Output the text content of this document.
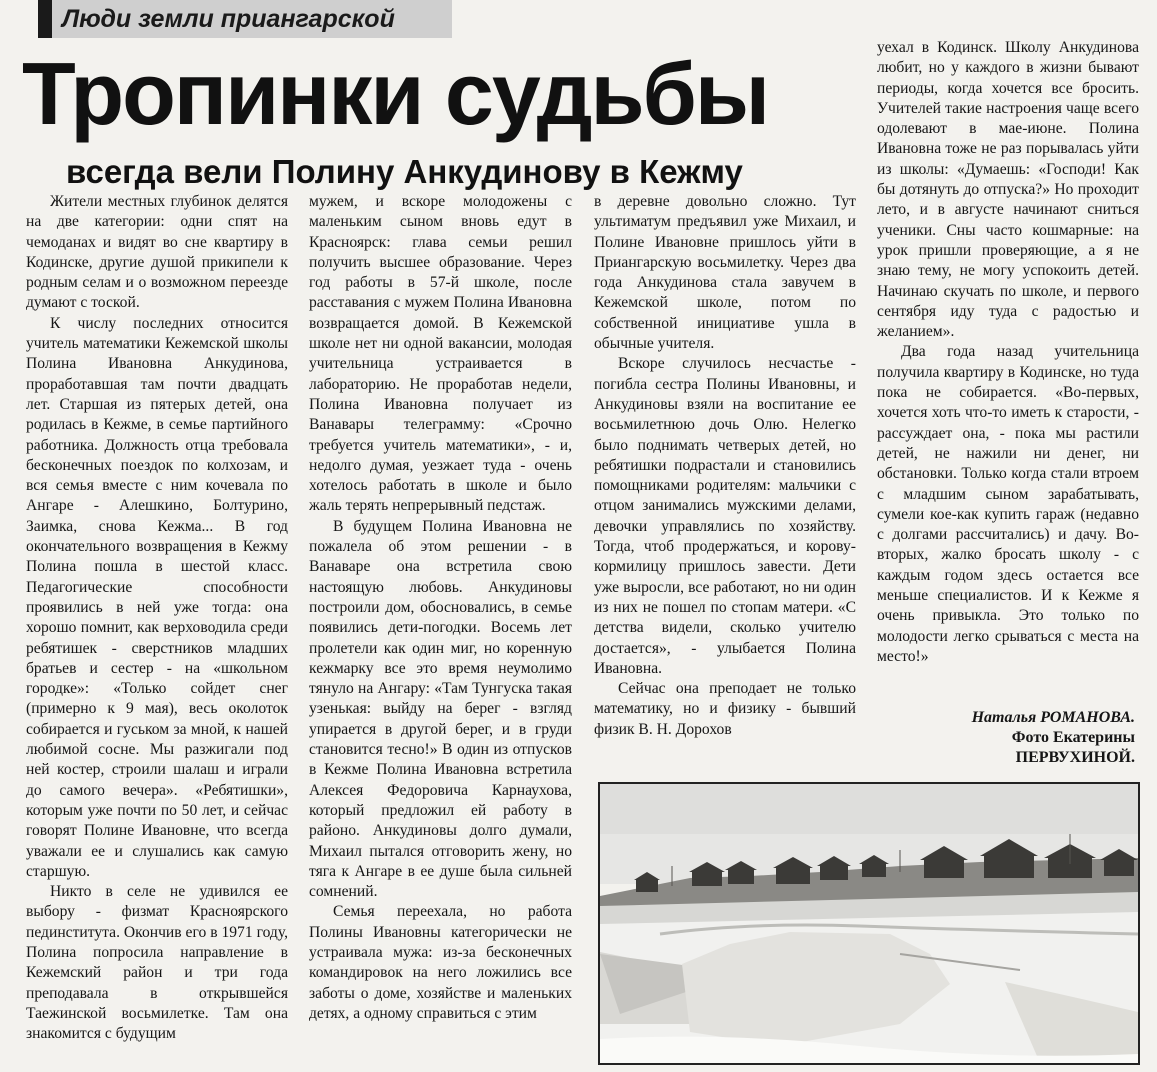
Люди земли приангарской
Тропинки судьбы
всегда вели Полину Анкудинову в Кежму

Жители местных глубинок делятся на две категории: одни спят на чемоданах и видят во сне квартиру в Кодинске, другие душой прикипели к родным селам и о возможном переезде думают с тоской.

К числу последних относится учитель математики Кежемской школы Полина Ивановна Анкудинова, проработавшая там почти двадцать лет. Старшая из пятерых детей, она родилась в Кежме, в семье партийного работника. Должность отца требовала бесконечных поездок по колхозам, и вся семья вместе с ним кочевала по Ангаре - Алешкино, Болтурино, Заимка, снова Кежма... В год окончательного возвращения в Кежму Полина пошла в шестой класс. Педагогические способности проявились в ней уже тогда: она хорошо помнит, как верховодила среди ребятишек - сверстников младших братьев и сестер - на «школьном городке»: «Только сойдет снег (примерно к 9 мая), весь околоток собирается и гуськом за мной, к нашей любимой сосне. Мы разжигали под ней костер, строили шалаш и играли до самого вечера». «Ребятишки», которым уже почти по 50 лет, и сейчас говорят Полине Ивановне, что всегда уважали ее и слушались как самую старшую.

Никто в селе не удивился ее выбору - физмат Красноярского пединститута. Окончив его в 1971 году, Полина попросила направление в Кежемский район и три года преподавала в открывшейся Таежинской восьмилетке. Там она знакомится с будущим

мужем, и вскоре молодожены с маленьким сыном вновь едут в Красноярск: глава семьи решил получить высшее образование. Через год работы в 57-й школе, после расставания с мужем Полина Ивановна возвращается домой. В Кежемской школе нет ни одной вакансии, молодая учительница устраивается в лабораторию. Не проработав недели, Полина Ивановна получает из Ванавары телеграмму: «Срочно требуется учитель математики», - и, недолго думая, уезжает туда - очень хотелось работать в школе и было жаль терять непрерывный педстаж.

В будущем Полина Ивановна не пожалела об этом решении - в Ванаваре она встретила свою настоящую любовь. Анкудиновы построили дом, обосновались, в семье появились дети-погодки. Восемь лет пролетели как один миг, но коренную кежмарку все это время неумолимо тянуло на Ангару: «Там Тунгуска такая узенькая: выйду на берег - взгляд упирается в другой берег, и в груди становится тесно!» В один из отпусков в Кежме Полина Ивановна встретила Алексея Федоровича Карнаухова, который предложил ей работу в районо. Анкудиновы долго думали, Михаил пытался отговорить жену, но тяга к Ангаре в ее душе была сильней сомнений.

Семья переехала, но работа Полины Ивановны категорически не устраивала мужа: из-за бесконечных командировок на него ложились все заботы о доме, хозяйстве и маленьких детях, а одному справиться с этим

в деревне довольно сложно. Тут ультиматум предъявил уже Михаил, и Полине Ивановне пришлось уйти в Приангарскую восьмилетку. Через два года Анкудинова стала завучем в Кежемской школе, потом по собственной инициативе ушла в обычные учителя.

Вскоре случилось несчастье - погибла сестра Полины Ивановны, и Анкудиновы взяли на воспитание ее восьмилетнюю дочь Олю. Нелегко было поднимать четверых детей, но ребятишки подрастали и становились помощниками родителям: мальчики с отцом занимались мужскими делами, девочки управлялись по хозяйству. Тогда, чтоб продержаться, и корову-кормилицу пришлось завести. Дети уже выросли, все работают, но ни один из них не пошел по стопам матери. «С детства видели, сколько учителю достается», - улыбается Полина Ивановна.

Сейчас она преподает не только математику, но и физику - бывший физик В. Н. Дорохов

уехал в Кодинск. Школу Анкудинова любит, но у каждого в жизни бывают периоды, когда хочется все бросить. Учителей такие настроения чаще всего одолевают в мае-июне. Полина Ивановна тоже не раз порывалась уйти из школы: «Думаешь: «Господи! Как бы дотянуть до отпуска?» Но проходит лето, и в августе начинают сниться ученики. Сны часто кошмарные: на урок пришли проверяющие, а я не знаю тему, не могу успокоить детей. Начинаю скучать по школе, и первого сентября иду туда с радостью и желанием».

Два года назад учительница получила квартиру в Кодинске, но туда пока не собирается. «Во-первых, хочется хоть что-то иметь к старости, - рассуждает она, - пока мы растили детей, не нажили ни денег, ни обстановки. Только когда стали втроем с младшим сыном зарабатывать, сумели кое-как купить гараж (недавно с долгами рассчитались) и дачу. Во-вторых, жалко бросать школу - с каждым годом здесь остается все меньше специалистов. И к Кежме я очень привыкла. Это только по молодости легко срываться с места на место!»

Наталья РОМАНОВА.
Фото Екатерины
ПЕРВУХИНОЙ.
